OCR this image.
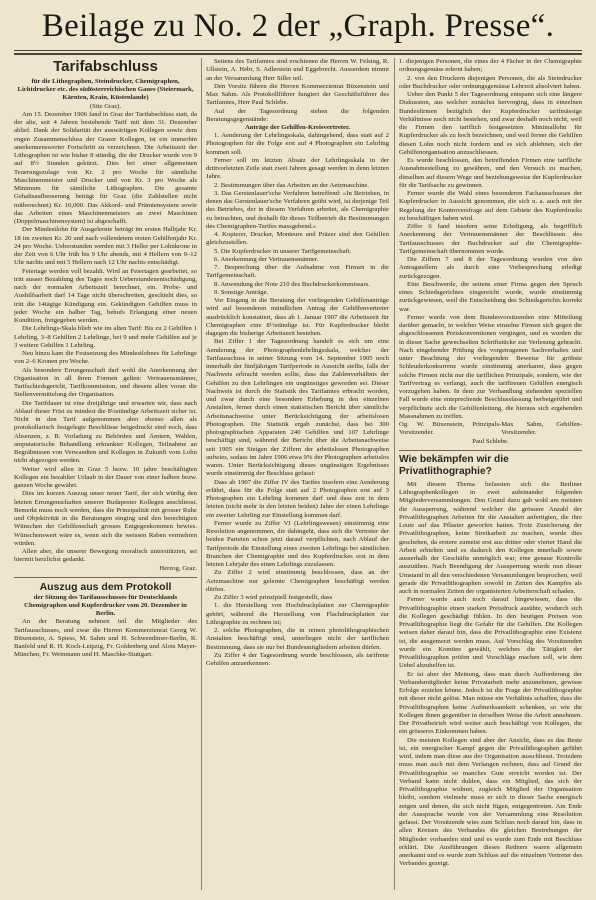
Beilage zu No. 2 der „Graph. Presse“.
Tarifabschluss

für die Lithographen, Steindrucker, Chemigraphen, Lichtdrucker etc. des südösterreichischen Gaues (Steiermark, Kärnten, Krain, Küstenlande)

(Sitz Graz).

Am 15. Dezember 1906 fand in Graz der Tarifabschluss statt, da der alte, seit 4 Jahren bestehende Tarif mit dem 31. Dezember ablief. Dank der Solidarität der auswärtigen Kollegen sowie dem engen Zusammenschluss der Grazer Kollegen, ist ein immerhin anerkennenswerter Fortschritt zu verzeichnen. Die Arbeitszeit der Lithographen ist wie bisher 8 stündig, die der Drucker wurde von 9 auf 8½ Stunden gekürzt. Dies bei einer allgemeinen Teuerungszulage von Kr. 2 pro Woche für sämtliche Maschinenmeister und Drucker und von Kr. 3 pro Woche als Minimum für sämtliche Lithographen. Die gesamte Gehaltsaufbesserung beträgt für Graz (die Zahlstellen nicht mitberechnet) Kr. 10,000. Das Akkord- und Prämiensystem sowie das Arbeiten eines Maschinenmeisters an zwei Maschinen (Doppelmaschinensystem) ist abgeschafft.

Der Mindestlohn für Ausgelernte beträgt im ersten Halbjahr Kr. 18 im zweiten Kr. 20 und nach vollendetem ersten Gehilfenjahr Kr. 24 pro Woche. Ueberstunden werden mit 3 Heller per Lohnkrone in der Zeit von 6 Uhr früh bis 9 Uhr abends, mit 4 Hellern von 9–12 Uhr nachts und mit 5 Hellern nach 12 Uhr nachts entschädigt.

Feiertage werden voll bezahlt. Wird an Feiertagen gearbeitet, so tritt ausser Bezahlung des Tages noch Ueberstundenentschädigung, nach der normalen Arbeitszeit berechnet, ein. Probe- und Aushilfsarbeit darf 14 Tage nicht überschreiten, geschieht dies, so tritt die 14tägige Kündigung ein. Gekündigten Gehilfen muss in jeder Woche ein halber Tag, behufs Erlangung einer neuen Kondition, freigegeben werden.

Die Lehrlings-Skala blieb wie im alten Tarif: Bis zu 2 Gehilfen 1 Lehrling, 3–8 Gehilfen 2 Lehrlinge, bei 9 und mehr Gehilfen auf je 3 weitere Gehilfen 1 Lehrling.

Neu hinzu kam die Festsetzung des Mindestlohnes für Lehrlinge von 2–6 Kronen pro Woche.

Als besondere Errungenschaft darf wohl die Anerkennung der Organisation in all ihren Formen gelten: Vertrauensmänner, Tarifschiedsgericht, Tarifkommission, und diesem allen voran die Stellenvermittelung der Organisation.

Die Tarifdauer ist eine dreijährige und erwarten wir, dass nach Ablauf dieser Frist zu mindest die 8¼stündige Arbeitszeit sicher ist. Nicht in den Tarif aufgenommen aber ebenso allen als protokollarisch festgelegte Beschlüsse beigedruckt sind noch, dass Absenzen, z. B. Vorladung zu Behörden und Ämtern, Wahlen, amputatorische Behandlung erkrankter Kollegen, Teilnahme an Begräbnissen von Verwandten und Kollegen in Zukunft vom Lohn nicht abgezogen werden.

Weiter wird allen in Graz 5 bezw. 10 jahre beschäftigten Kollegen ein bezahlter Urlaub in der Dauer von einer halben bezw. ganzen Woche gewährt.

Dies im kurzen Auszug unser neuer Tarif, der sich würdig den letzten Errungenschaften unserer Budapester Kollegen anschliesst. Bemerkt muss noch werden, dass die Prinzipalität mit grosser Ruhe und Objektivität in die Beratungen einging und den berechtigten Wünschen der Gehilfenschaft grosses Entgegenkommen bewies. Wünschenswert wäre es, wenn sich die weissen Raben vermehren würden.

Allen aber, die unserer Bewegung moralisch unterstützten, sei hiermit herzlichst gedankt.

Herzog, Graz.

Auszug aus dem Protokoll

der Sitzung des Tarifausschusses für Deutschlands Chemigraphen und Kupferdrucker vom 20. Dezember in Berlin.

An der Beratung nehmen teil die Mitglieder des Tarifausschusses, und zwar die Herren Kommerzienrat Georg W. Büxenstein, A. Spiess, M. Sahm und H. Schwendimer-Berlin, R. Banfeld und R. H. Koch-Leipzig, Fr. Goldenberg und Alois Mayer-München, Fr. Weinmann und H. Maschke-Stuttgart.

Seitens des Tarifamtes sind erschienen die Herren W. Felsing, R. Ullstein, A. Hebr, S. Adlerstein und Eggebrecht. Ausserdem nimmt an der Versammlung Herr Siller teil.

Den Vorsitz führen die Herren Kommerzienrat Büxenstein und Max Sahm. Als Protokollführer fungiert der Geschäftsführer des Tarifamtes, Herr Paul Schlebe.

Auf der Tagesordnung stehen die folgenden Beratungsgegenstände:

Anträge der Gehilfen-Kreisvertreter.

1. Aenderung der Lehrlingsskala, dahingehend, dass statt auf 2 Photographen für die Folge erst auf 4 Photographen ein Lehrling kommen soll.

Ferner soll im letzten Absatz der Lehrlingsskala in der drittvorletzten Zeile statt zwei Jahren gesagt werden in denn letzten Jahre.

2. Bestimmungen über das Arbeiten an der Aetzmaschine.

3. Das Gerstenlauer'sche Verfahren betreffend: »In Betrieben, in denen das Gerstenlauer'sche Verfahren geübt wird, ist derjenige Teil des Betriebes, der in diesem Verfahren arbeitet, als Chemigraphie zu betrachten, und deshalb für dieses Teilbetrieb die Bestimmungen des Chemigraphen-Tarifes massgebend.«

4. Kopierer, Drucker, Monteure und Präzer sind den Gehilfen gleichzustellen.

5. Die Kupferdrucker in unserer Tarifgemeinschaft.

6. Anerkennung der Vertrauensmänner.

7. Besprechung über die Aufnahme von Firmen in die Tarifgemeinschaft.

8. Anwendung der Note 210 des Buchdruckerkommissars.

9. Sonstige Anträge.

Vor Eingang in die Beratung der vorliegenden Gehilfenanträge wird auf besonderen mündlichen Antrag der Gehilfenvertreter ausdrücklich konstatiert, dass ab 1. Januar 1907 die Arbeitszeit für Chemigraphen eine 8½stündige ist. Für Kupferdrucker bleibt dagegen die bisherige Arbeitszeit bestehen.

Bei Ziffer 1 der Tagesordnung handelt es sich um eine Aenderung der Photographenlehrlingsskala, welcher der Tarifausschuss in seiner Sitzung vom 14. September 1905 noch innerhalb der fünfjährigen Tarifperiode in Aussicht stellte, falls der Nachweis erbracht werden sollte, dass das Zahlenverhältnis der Gehilfen zu den Lehrlingen ein ungünstiges geworden sei. Dieser Nachweis ist durch die Statistik des Tarifamtes erbracht worden, und zwar durch eine besondere Erhebung in den einzelnen Anstalten, ferner durch einen statistischen Bericht über sämtliche Arbeitsnachweise unter Berücksichtigung der arbeitslosen Photographen. Die Statistik ergab zunächst, dass bei 300 photographischen Apparaten 240 Gehilfen und 107 Lehrlinge beschäftigt sind, während der Bericht über die Arbeitsnachweise seit 1905 ein Steigen der Ziffern der arbeitslosen Photographen aufwies, sodass im Jahre 1906 etwa 9% der Photographen arbeitslos waren. Unter Berücksichtigung dieses ungünstigen Ergebnisses wurde einstimmig der Beschluss gefasst:

Dass ab 1907 die Ziffer IV des Tarifes insofern eine Aenderung erfährt, dass für die Folge statt auf 2 Photographen erst auf 3 Photographen ein Lehrling kommen darf und dass erst in dem letzten (nicht mehr in den letzten beiden) Jahre der einen Lehrlinge ein zweiter Lehrling zur Einstellung kommen darf.

Ferner wurde zu Ziffer VI (Lehrlingswesen) einstimmig eine Resolution angenommen, die dahingeht, dass sich die Vertreter der beiden Parteien schon jetzt darauf verpflichten, nach Ablauf der Tarifperiode die Einstellung eines zweiten Lehrlings bei sämtlichen Branchen der Chemigraphie und des Kupferdruckes erst in dem letzten Lehrjahr des einen Lehrlings zuzulassen.

Zu Ziffer 2 wird einstimmig beschlossen, dass an der Aetzmaschine nur gelernte Chemigraphen beschäftigt werden dürfen.

Zu Ziffer 3 wird prinzipiell festgestellt, dass

1. die Herstellung von Hochdruckplatten zur Chemigraphie gehört, während die Herstellung von Flachdruckplatten zur Lithographie zu rechnen ist;

2. solche Photographen, die in reinen photolithographischen Anstalten beschäftigt sind, unterliegen nicht der tariflichen Bestimmung, dass sie nur bei Bundesmitgliedern arbeiten dürfen.

Zu Ziffer 4 der Tagesordnung wurde beschlossen, als tarifreue Gehilfen anzuerkennen:

1. diejenigen Personen, die eines der 4 Fächer in der Chemigraphie ordnungsgemäss erlernt haben;

2. von den Druckern diejenigen Personen, die als Steindrucker oder Buchdrucker oder ordnungsgemässe Lehrzeit absolviert haben.

Ueber den Punkt 5 der Tagesordnung entspann sich eine längere Diskussion, aus welcher zunächst hervorging, dass in einzelnen Bundesfirmen bezüglich der Kupferdrucker tarifmässige Verhältnisse noch nicht bestehen, und zwar deshalb noch nicht, weil die Firmen den tariflich festgesetzten Minimallohn für Kupferdrucker als zu hoch bezeichnen, und weil ferner die Gehilfen diesen Lohn noch nicht fordern und es sich ablehnen, sich der Gehilfenorganisation anzuschliessen.

Es wurde beschlossen, den betreffenden Firmen eine tarifliche Ausnahmestellung zu gewähren, und den Versuch zu machen, dieselben auf diesem Wege und beziehungsweise der Kupferdrucker für die Tarifsache zu gewinnen.

Ferner wurde die Wahl eines besonderen Fachausschusses der Kupferdrucker in Aussicht genommen, die sich u. a. auch mit der Regelung der Kontroversfrage auf dem Gebiete des Kupferdrucks zu beschäftigen haben wird.

Ziffer 6 fand insofern seine Erledigung, als begrifflich Anerkennung der Vertrauensmänner der Beschlüssen des Tarifausschusses der Buchdrucker auf die Chemigraphie-Tarifgemeinschaft übernommen wurde.

Die Ziffern 7 und 8 der Tagesordnung wurden von den Antragstellern als durch eine Vorbesprechung erledigt zurückgezogen.

Eine Beschwerde, die seitens einer Firma gegen den Spruch eines Schiedsgerichtes eingereicht wurde, wurde einstimmig zurückgewiesen, weil die Entscheidung des Schiedsgerichts korrekt war.

Ferner wurde von dem Bundesvorsitzenden eine Mitteilung darüber gemacht, in welcher Weise einzelne Firmen sich gegen die abgeschlossenen Preiskonventionen vergingen, und es wurden die in dieser Sache gewechselten Schriftstücke zur Verlesung gebracht. Nach eingehender Prüfung des vorgetragenen Sachverhaltes und unter Beachtung der vorliegenden Beweise für gröbste Schleuderkonkurrenz wurde einstimmig anerkannt, dass gegen solche Firmen nicht nur die tariflichen Prinzipale, sondern, wie der Tarifvertrag es verlangt, auch die tariftreuen Gehilfen energisch vorzugehen haben. In dem zur Verhandlung stehenden speziellen Fall wurde eine entsprechende Beschlussfassung herbeigeführt und verpflichtete sich die Gehilfenleitung, die hieraus sich ergebenden Massnahmen zu treffen.

Og. W. Büxenstein, Prinzipals-Vorsitzender.
Max Sahm, Gehilfen-Vorsitzender.

Paul Schlebe.

Wie bekämpfen wir die Privatlithographie?

Mit diesem Thema befassten sich die Berliner Lithographenkollegen in zwei aufeinander folgenden Mitgliederversammlungen. Den Grund dazu gab wohl am meisten die Aussperrung, während welcher die grössere Anzahl der Privatlithographen Arbeiten für die Anstalten anfertigten, die ihre Leute auf das Pflaster geworfen hatten. Trotz Zusicherung der Privatlithographen, keine Streikarbeit zu machen, wurde dies geschehen, da erstere zumeist erst aus dritter oder vierter Hand die Arbeit erhielten und es dadurch den Kollegen innerhalb sowie ausserhalb der Geschäfte unmöglich war, eine genaue Kontrolle auszuüben. Nach Beendigung der Aussperrung wurde nun dieser Umstand in all den verschiedenen Versammlungen besprochen, weil gerade die Privatlithographen sowohl in Zeiten des Kampfes als auch in normalen Zeiten der organisierten Arbeiterschaft schaden.

Ferner wurde auch noch darauf hingewiesen, dass die Privatlithographie einen starken Preisdruck ausübte, wodurch sich die Kollegen geschädigt fühlen. In den heutigen Preisen von Privatlithographie liegt die Gefahr für die Gehilfen. Die Kollegen weisen daher darauf hin, dass die Privatlithographie eine Existenz ist, die ausgemerzt werden muss. Auf Vorschlag des Vorsitzenden wurde ein Komitee gewählt, welches die Tätigkeit der Privatlithographen prüfen und Vorschläge machen soll, wie dem Uebel abzuhelfen ist.

Er ist aber der Meinung, dass man durch Aufforderung der Verbandsmitglieder keine Privatarbeit mehr anzunehmen, gewisse Erfolge erzielen könne. Jedoch ist die Frage der Privatlithographie mit dieser nicht gelöst. Man müsse ein Verhältnis schaffen, dass die Privatlithographen keine Aufmerksamkeit schenken, so wie die Kollegen ihnen gegenüber in derselben Weise die Arbeit annehmen. Der Privatbetrieb wird weiter auch beschäftigt von Kollegen, die ein grösseres Einkommen haben.

Die meisten Kollegen sind aber der Ansicht, dass es das Beste ist, ein energischer Kampf gegen die Privatlithographen geführt wird, indem man diese aus der Organisation ausschliesst. Trotzdem muss man auch mit dem Verlangen rechnen, dass auf Grund der Privatlithographie so manches Gute erreicht worden ist. Der Verband kann nicht dulden, dass ein Mitglied, das sich der Privatlithographie widmet, zugleich Mitglied der Organisation bleibt, sondern vielmehr muss er sich in dieser Sache energisch zeigen und denen, die sich nicht fügen, entgegentreten. Am Ende der Aussprache wurde von der Versammlung eine Resolution gefasst. Der Vorsitzende wies zum Schluss noch darauf hin, dass in allen Kreisen des Verbandes die gleichen Bestrebungen der Mitglieder vorhanden sind und es wurde zum Ende mit Beschluss erklärt. Die Ausführungen dieses Redners waren allgemein anerkannt und es wurde zum Schluss auf die einzelnen Vertreter des Verbandes gezeigt.
